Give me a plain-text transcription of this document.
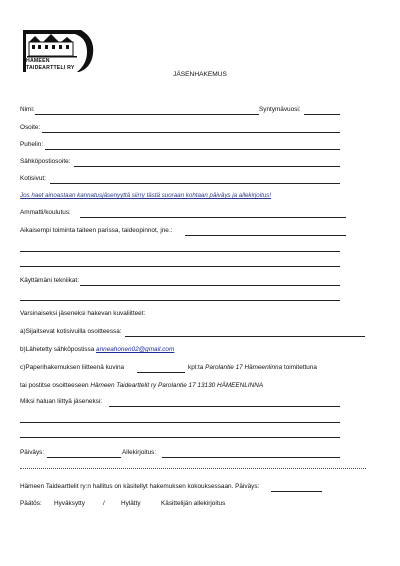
HÄMEEN
TAIDEARTTELI RY
JÄSENHAKEMUS
Nimi:	Syntymävuosi:
Osoite:
Puhelin:
Sähköpostiosoite:
Kotisivut:
Jos haet ainoastaan kannatusjäsenyyttä siirry tästä suoraan kohtaan päiväys ja allekirjoitus!
Ammatti/koulutus:
Aikaisempi toiminta taiteen parissa, taideopinnot, jne.:
Käyttämäni tekniikat:
Varsinaiseksi jäseneksi hakevan kuvaliitteet:
a)Sijaitsevat kotisivuilla osoitteessa:
b)Lähetetty sähköpostissa anneahonen02@gmail.com
c)Paperihakemuksen liitteenä kuvina	kpl:ta Parolantie 17 Hämeenlinna toimitettuna
tai postitse osoitteeseen Hämeen Taidearttelit ry Parolantie 17 13130 HÄMEENLINNA
Miksi haluan liittyä jäseneksi:
Päiväys:	Allekirjoitus:
Hämeen Taidearttelit ry:n hallitus on käsitellyt hakemuksen kokouksessaan. Päiväys:
Päätös: Hyväksytty	/	Hylätty	Käsittelijän allekirjoitus
